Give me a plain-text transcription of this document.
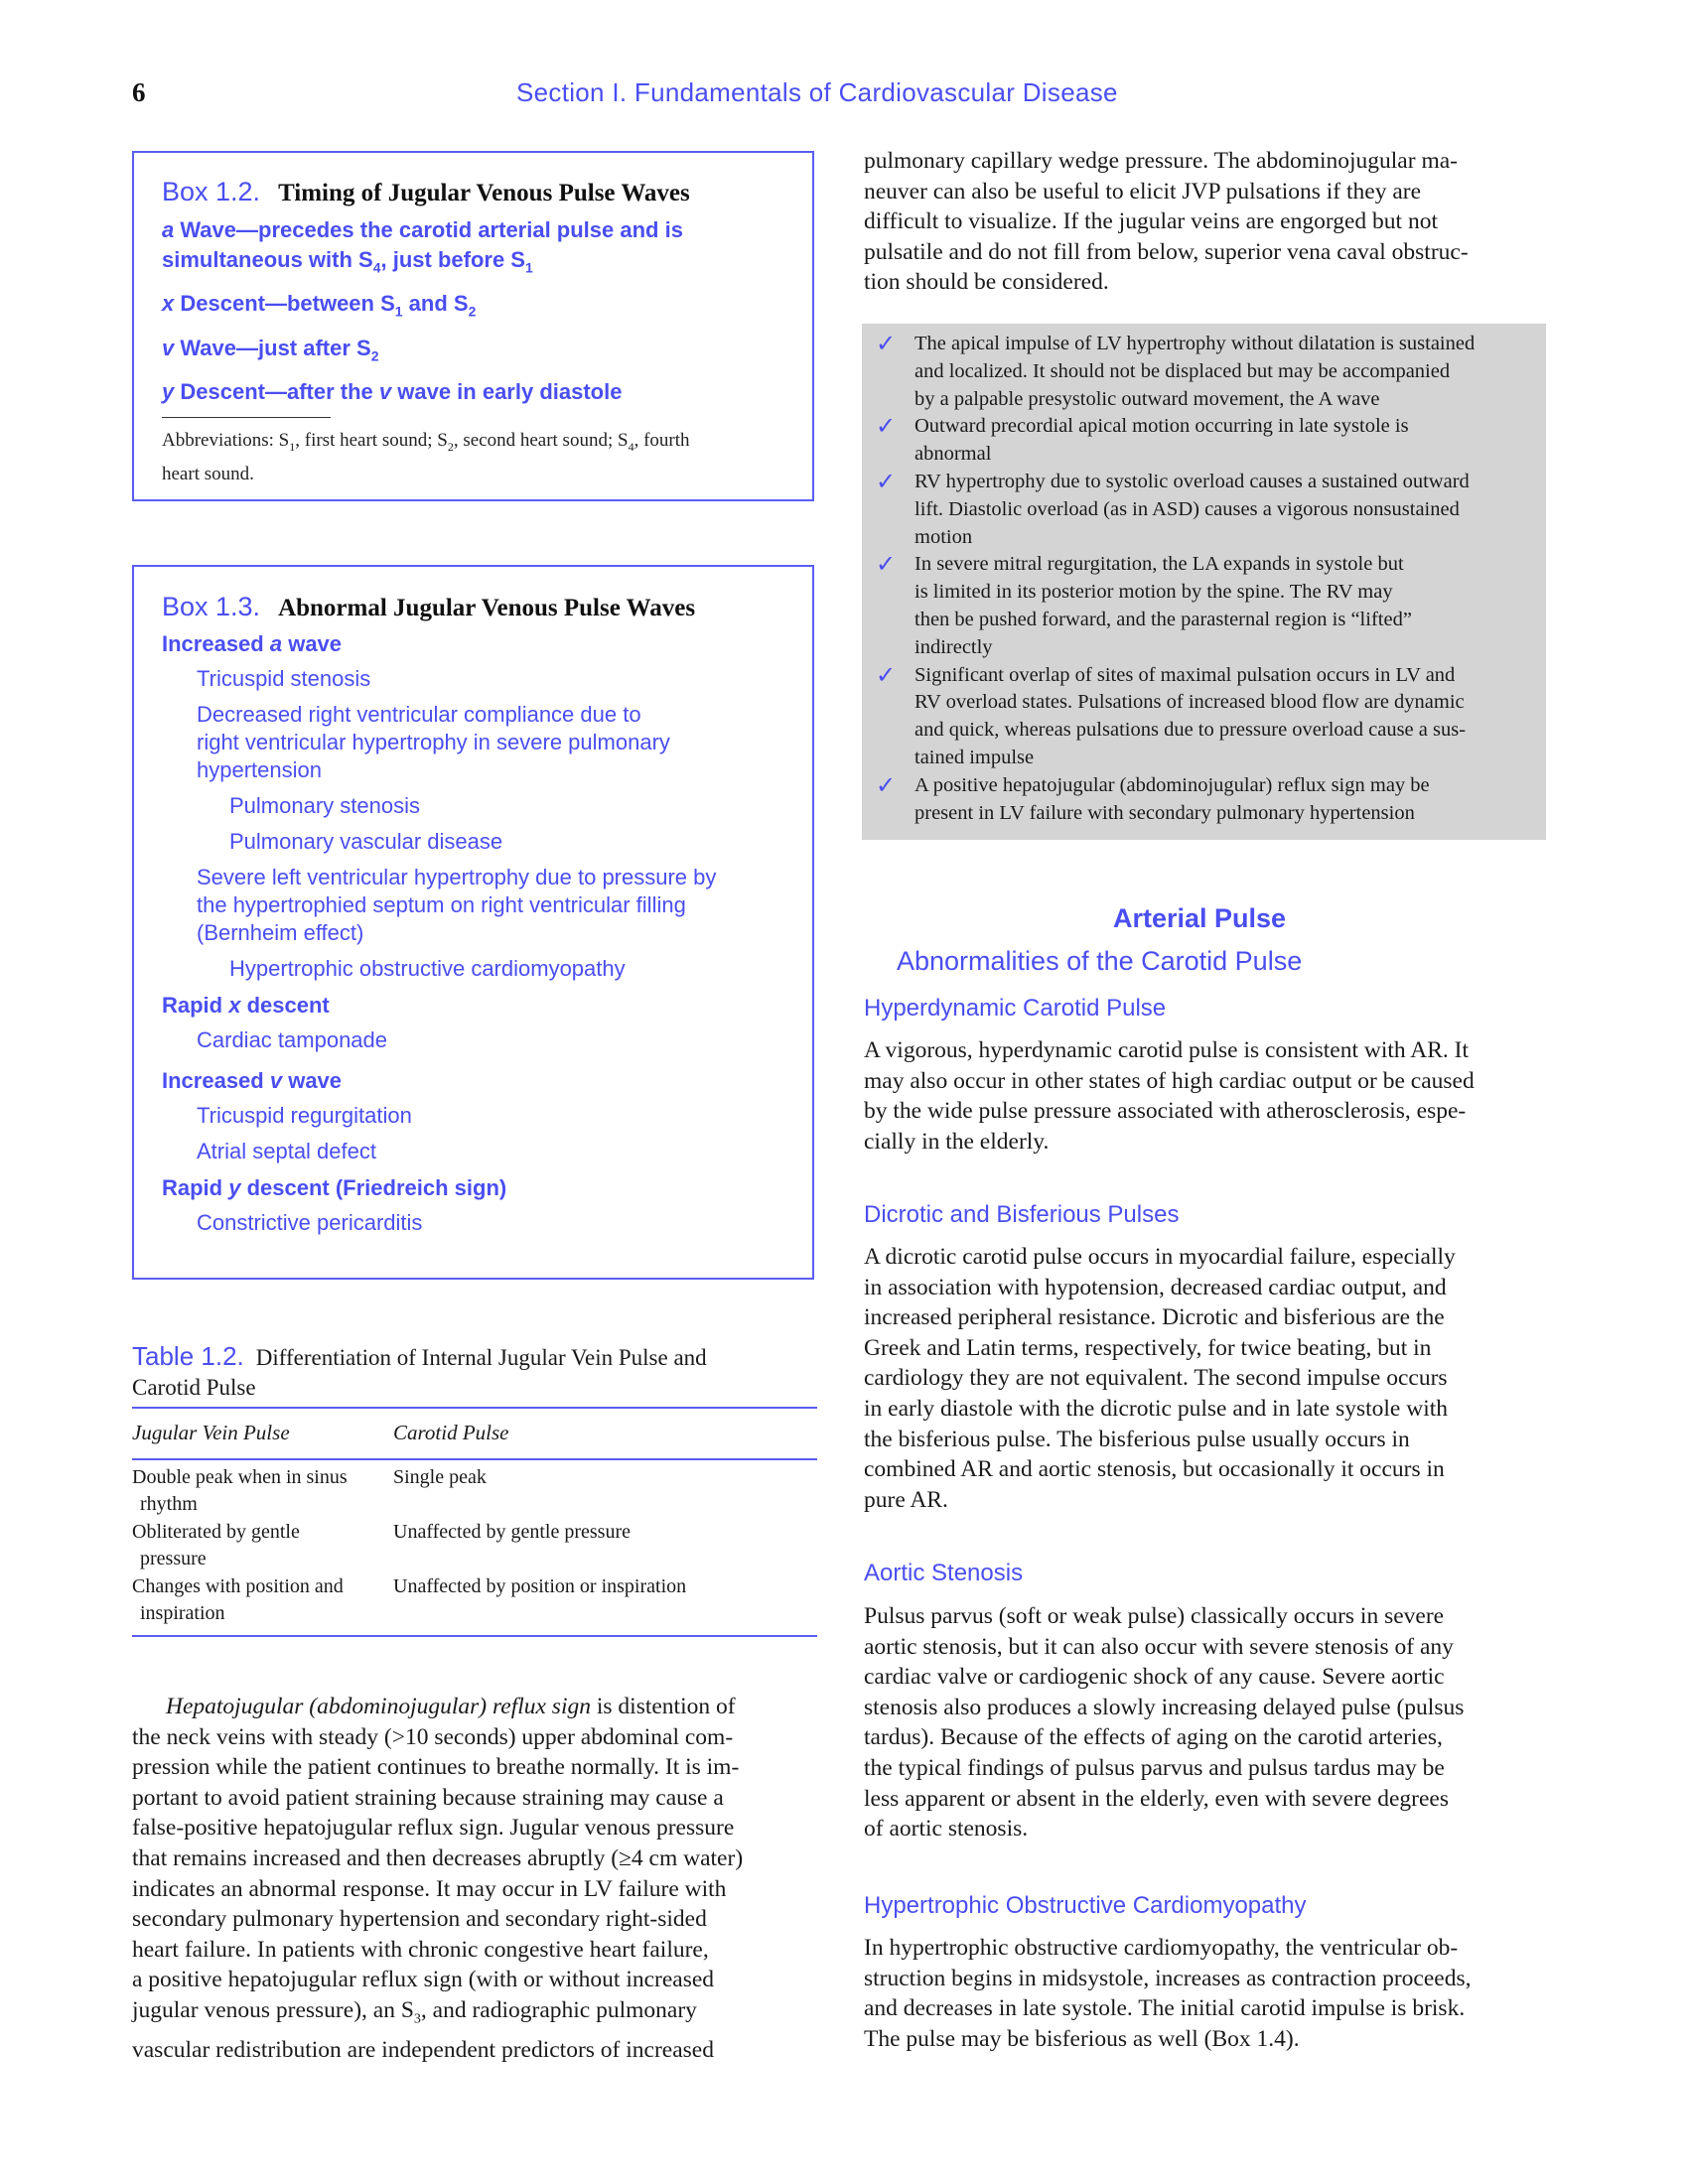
6	Section I. Fundamentals of Cardiovascular Disease
Box 1.2. Timing of Jugular Venous Pulse Waves
a Wave—precedes the carotid arterial pulse and is
simultaneous with $S_4$, just before $S_1$
x Descent—between $S_1$ and $S_2$
v Wave—just after $S_2$
y Descent—after the v wave in early diastole
Abbreviations: $S_1$, first heart sound; $S_2$, second heart sound; $S_4$, fourth
heart sound.
Box 1.3. Abnormal Jugular Venous Pulse Waves
Increased a wave
Tricuspid stenosis
Decreased right ventricular compliance due to
right ventricular hypertrophy in severe pulmonary
hypertension
Pulmonary stenosis
Pulmonary vascular disease
Severe left ventricular hypertrophy due to pressure by
the hypertrophied septum on right ventricular filling
(Bernheim effect)
Hypertrophic obstructive cardiomyopathy
Rapid x descent
Cardiac tamponade
Increased v wave
Tricuspid regurgitation
Atrial septal defect
Rapid y descent (Friedreich sign)
Constrictive pericarditis
Table 1.2. Differentiation of Internal Jugular Vein Pulse and
Carotid Pulse
Jugular Vein Pulse	Carotid Pulse
Double peak when in sinus
rhythm
Single peak
Obliterated by gentle
pressure
Unaffected by gentle pressure
Changes with position and
inspiration
Unaffected by position or inspiration
Hepatojugular (abdominojugular) reflux sign is distention of
the neck veins with steady (>10 seconds) upper abdominal com-
pression while the patient continues to breathe normally. It is im-
portant to avoid patient straining because straining may cause a
false-positive hepatojugular reflux sign. Jugular venous pressure
that remains increased and then decreases abruptly (≥4 cm water)
indicates an abnormal response. It may occur in LV failure with
secondary pulmonary hypertension and secondary right-sided
heart failure. In patients with chronic congestive heart failure,
a positive hepatojugular reflux sign (with or without increased
jugular venous pressure), an $S_3$, and radiographic pulmonary
vascular redistribution are independent predictors of increased
pulmonary capillary wedge pressure. The abdominojugular ma-
neuver can also be useful to elicit JVP pulsations if they are
difficult to visualize. If the jugular veins are engorged but not
pulsatile and do not fill from below, superior vena caval obstruc-
tion should be considered.
✓ The apical impulse of LV hypertrophy without dilatation is sustained
and localized. It should not be displaced but may be accompanied
by a palpable presystolic outward movement, the A wave
✓ Outward precordial apical motion occurring in late systole is
abnormal
✓ RV hypertrophy due to systolic overload causes a sustained outward
lift. Diastolic overload (as in ASD) causes a vigorous nonsustained
motion
✓ In severe mitral regurgitation, the LA expands in systole but
is limited in its posterior motion by the spine. The RV may
then be pushed forward, and the parasternal region is “lifted”
indirectly
✓ Significant overlap of sites of maximal pulsation occurs in LV and
RV overload states. Pulsations of increased blood flow are dynamic
and quick, whereas pulsations due to pressure overload cause a sus-
tained impulse
✓ A positive hepatojugular (abdominojugular) reflux sign may be
present in LV failure with secondary pulmonary hypertension
Arterial Pulse
Abnormalities of the Carotid Pulse
Hyperdynamic Carotid Pulse
A vigorous, hyperdynamic carotid pulse is consistent with AR. It
may also occur in other states of high cardiac output or be caused
by the wide pulse pressure associated with atherosclerosis, espe-
cially in the elderly.
Dicrotic and Bisferious Pulses
A dicrotic carotid pulse occurs in myocardial failure, especially
in association with hypotension, decreased cardiac output, and
increased peripheral resistance. Dicrotic and bisferious are the
Greek and Latin terms, respectively, for twice beating, but in
cardiology they are not equivalent. The second impulse occurs
in early diastole with the dicrotic pulse and in late systole with
the bisferious pulse. The bisferious pulse usually occurs in
combined AR and aortic stenosis, but occasionally it occurs in
pure AR.
Aortic Stenosis
Pulsus parvus (soft or weak pulse) classically occurs in severe
aortic stenosis, but it can also occur with severe stenosis of any
cardiac valve or cardiogenic shock of any cause. Severe aortic
stenosis also produces a slowly increasing delayed pulse (pulsus
tardus). Because of the effects of aging on the carotid arteries,
the typical findings of pulsus parvus and pulsus tardus may be
less apparent or absent in the elderly, even with severe degrees
of aortic stenosis.
Hypertrophic Obstructive Cardiomyopathy
In hypertrophic obstructive cardiomyopathy, the ventricular ob-
struction begins in midsystole, increases as contraction proceeds,
and decreases in late systole. The initial carotid impulse is brisk.
The pulse may be bisferious as well (Box 1.4).
